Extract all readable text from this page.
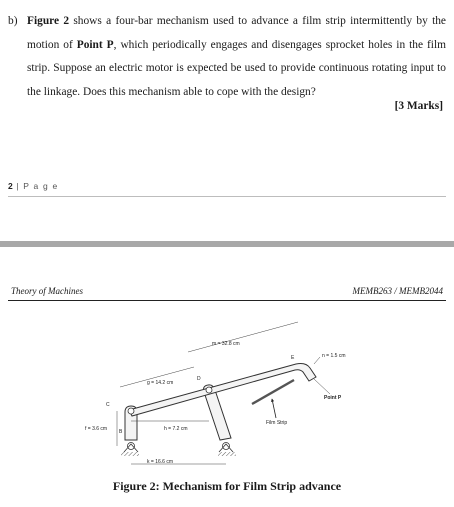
b) Figure 2 shows a four-bar mechanism used to advance a film strip intermittently by the motion of Point P, which periodically engages and disengages sprocket holes in the film strip. Suppose an electric motor is expected be used to provide continuous rotating input to the linkage. Does this mechanism able to cope with the design?
[3 Marks]
2 | P a g e
Theory of Machines	MEMB263 / MEMB2044
m = 32.8 cm
n = 1.5 cm
E
g = 14.2 cm
D
C
f = 3.6 cm	h = 7.2 cm
B
k = 16.6 cm
Film Strip
Point P
Figure 2: Mechanism for Film Strip advance
